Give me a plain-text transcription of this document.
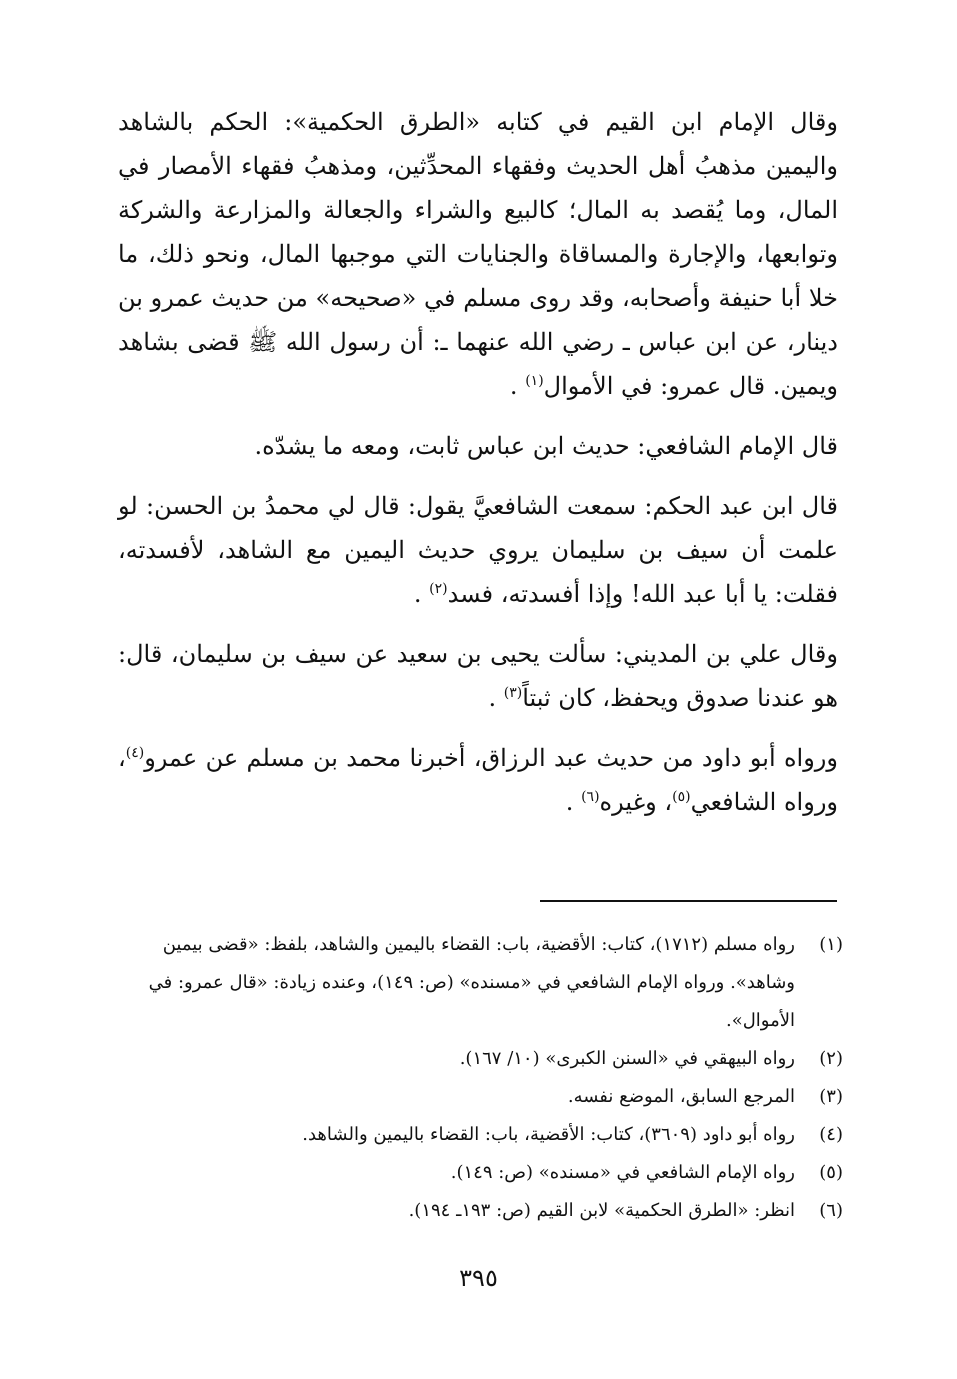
وقال الإمام ابن القيم في كتابه «الطرق الحكمية»: الحكم بالشاهد واليمين مذهبُ أهل الحديث وفقهاء المحدِّثين، ومذهبُ فقهاء الأمصار في المال، وما يُقصد به المال؛ كالبيع والشراء والجعالة والمزارعة والشركة وتوابعها، والإجارة والمساقاة والجنايات التي موجبها المال، ونحو ذلك، ما خلا أبا حنيفة وأصحابه، وقد روى مسلم في «صحيحه» من حديث عمرو بن دينار، عن ابن عباس ـ رضي الله عنهما ـ: أن رسول الله ﷺ قضى بشاهد ويمين. قال عمرو: في الأموال$^{(١)}$ .

قال الإمام الشافعي: حديث ابن عباس ثابت، ومعه ما يشدّه.

قال ابن عبد الحكم: سمعت الشافعيَّ يقول: قال لي محمدُ بن الحسن: لو علمت أن سيف بن سليمان يروي حديث اليمين مع الشاهد، لأفسدته، فقلت: يا أبا عبد الله! وإذا أفسدته، فسد$^{(٢)}$ .

وقال علي بن المديني: سألت يحيى بن سعيد عن سيف بن سليمان، قال: هو عندنا صدوق ويحفظ، كان ثبتاً$^{(٣)}$ .

ورواه أبو داود من حديث عبد الرزاق، أخبرنا محمد بن مسلم عن عمرو$^{(٤)}$، ورواه الشافعي$^{(٥)}$، وغيره$^{(٦)}$ .

(١)
رواه مسلم (١٧١٢)، كتاب: الأقضية، باب: القضاء باليمين والشاهد، بلفظ: «قضى بيمين وشاهد». ورواه الإمام الشافعي في «مسنده» (ص: ١٤٩)، وعنده زيادة: «قال عمرو: في الأموال».
(٢)
رواه البيهقي في «السنن الكبرى» (١٠/ ١٦٧).
(٣)
المرجع السابق، الموضع نفسه.
(٤)
رواه أبو داود (٣٦٠٩)، كتاب: الأقضية، باب: القضاء باليمين والشاهد.
(٥)
رواه الإمام الشافعي في «مسنده» (ص: ١٤٩).
(٦)
انظر: «الطرق الحكمية» لابن القيم (ص: ١٩٣ـ ١٩٤).
٣٩٥
